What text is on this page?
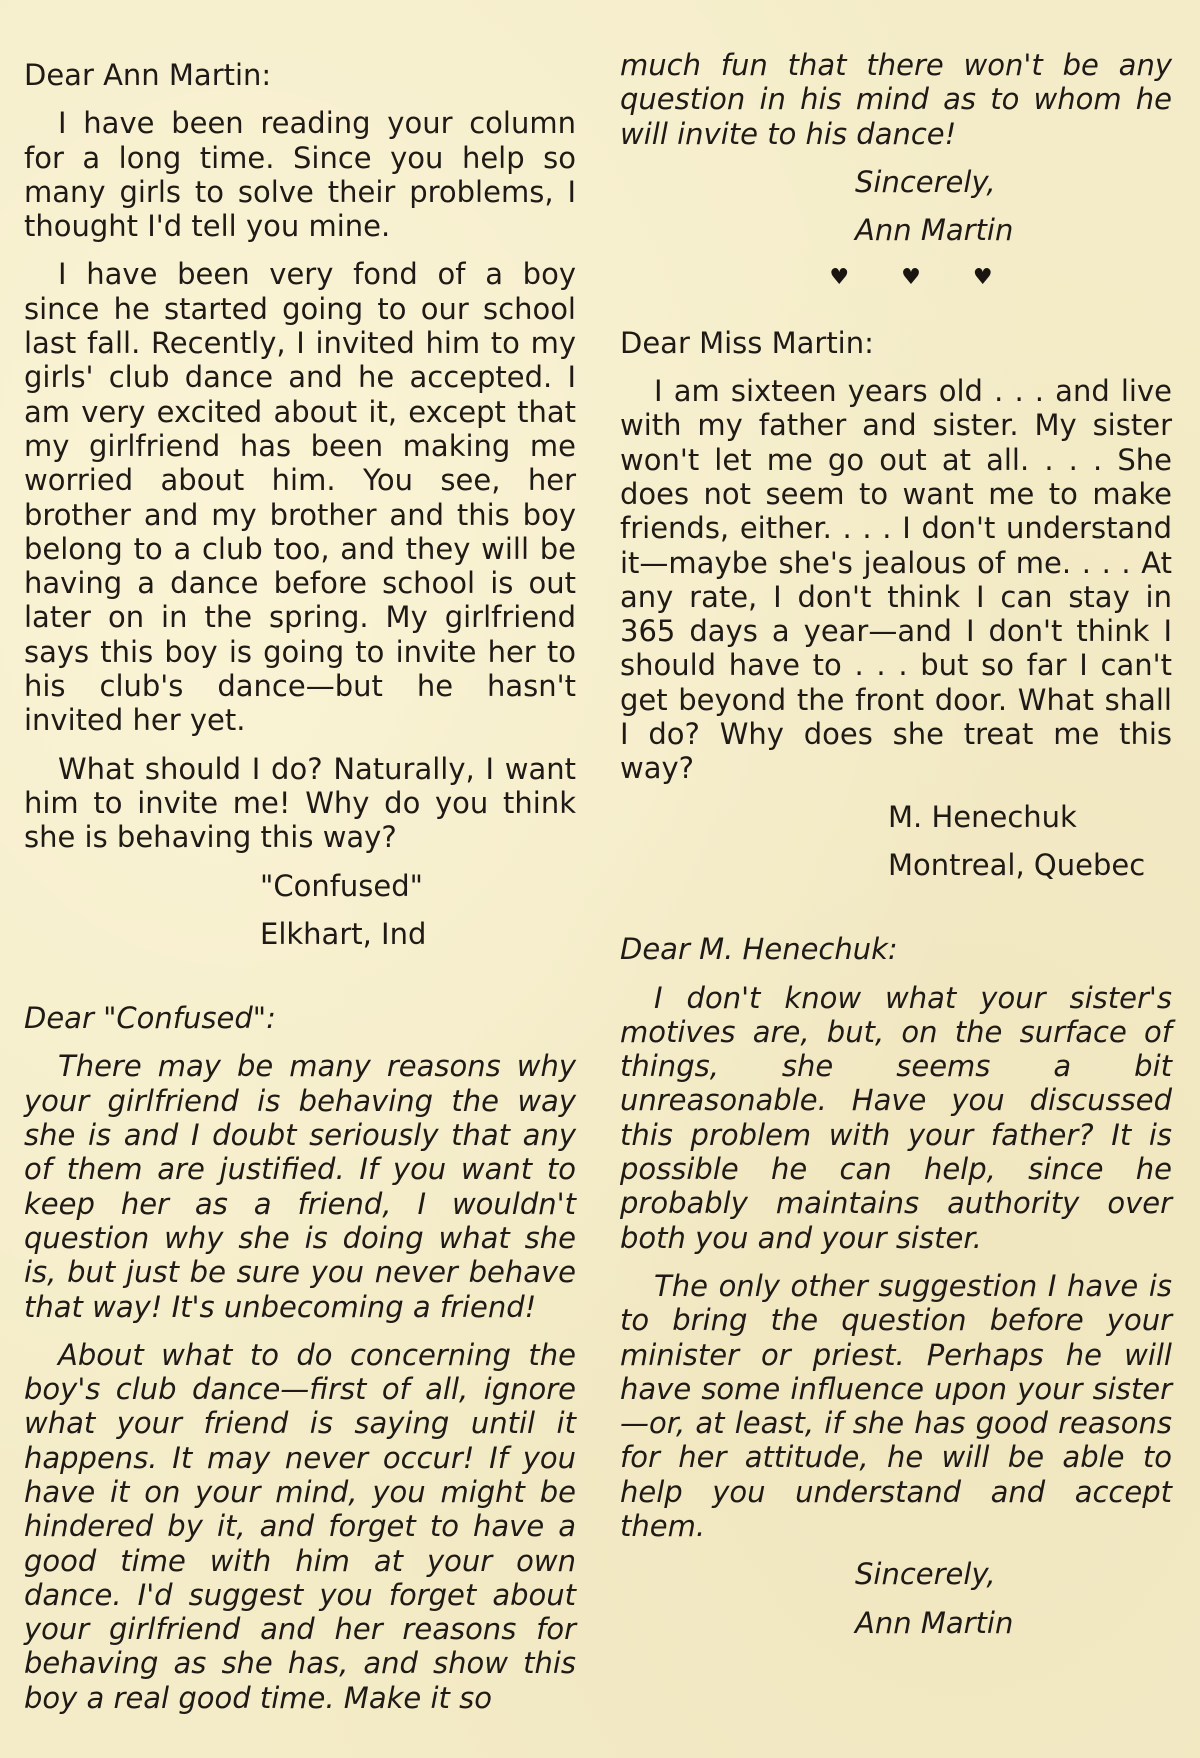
Dear Ann Martin:

I have been reading your column for a long time. Since you help so many girls to solve their problems, I thought I'd tell you mine.

I have been very fond of a boy since he started going to our school last fall. Recently, I invited him to my girls' club dance and he accepted. I am very excited about it, except that my girlfriend has been making me worried about him. You see, her brother and my brother and this boy belong to a club too, and they will be having a dance before school is out later on in the spring. My girlfriend says this boy is going to invite her to his club's dance—but he hasn't invited her yet.

What should I do? Naturally, I want him to invite me! Why do you think she is behaving this way?

"Confused"

Elkhart, Ind

Dear "Confused":

There may be many reasons why your girlfriend is behaving the way she is and I doubt seriously that any of them are justified. If you want to keep her as a friend, I wouldn't question why she is doing what she is, but just be sure you never behave that way! It's unbecoming a friend!

About what to do concerning the boy's club dance—first of all, ignore what your friend is saying until it happens. It may never occur! If you have it on your mind, you might be hindered by it, and forget to have a good time with him at your own dance. I'd suggest you forget about your girlfriend and her reasons for behaving as she has, and show this boy a real good time. Make it so

much fun that there won't be any question in his mind as to whom he will invite to his dance!

Sincerely,

Ann Martin

♥ ♥ ♥

Dear Miss Martin:

I am sixteen years old . . . and live with my father and sister. My sister won't let me go out at all. . . . She does not seem to want me to make friends, either. . . . I don't understand it—maybe she's jealous of me. . . . At any rate, I don't think I can stay in 365 days a year—and I don't think I should have to . . . but so far I can't get beyond the front door. What shall I do? Why does she treat me this way?

M. Henechuk

Montreal, Quebec

Dear M. Henechuk:

I don't know what your sister's motives are, but, on the surface of things, she seems a bit unreasonable. Have you discussed this problem with your father? It is possible he can help, since he probably maintains authority over both you and your sister.

The only other suggestion I have is to bring the question before your minister or priest. Perhaps he will have some influence upon your sister—or, at least, if she has good reasons for her attitude, he will be able to help you understand and accept them.

Sincerely,

Ann Martin
